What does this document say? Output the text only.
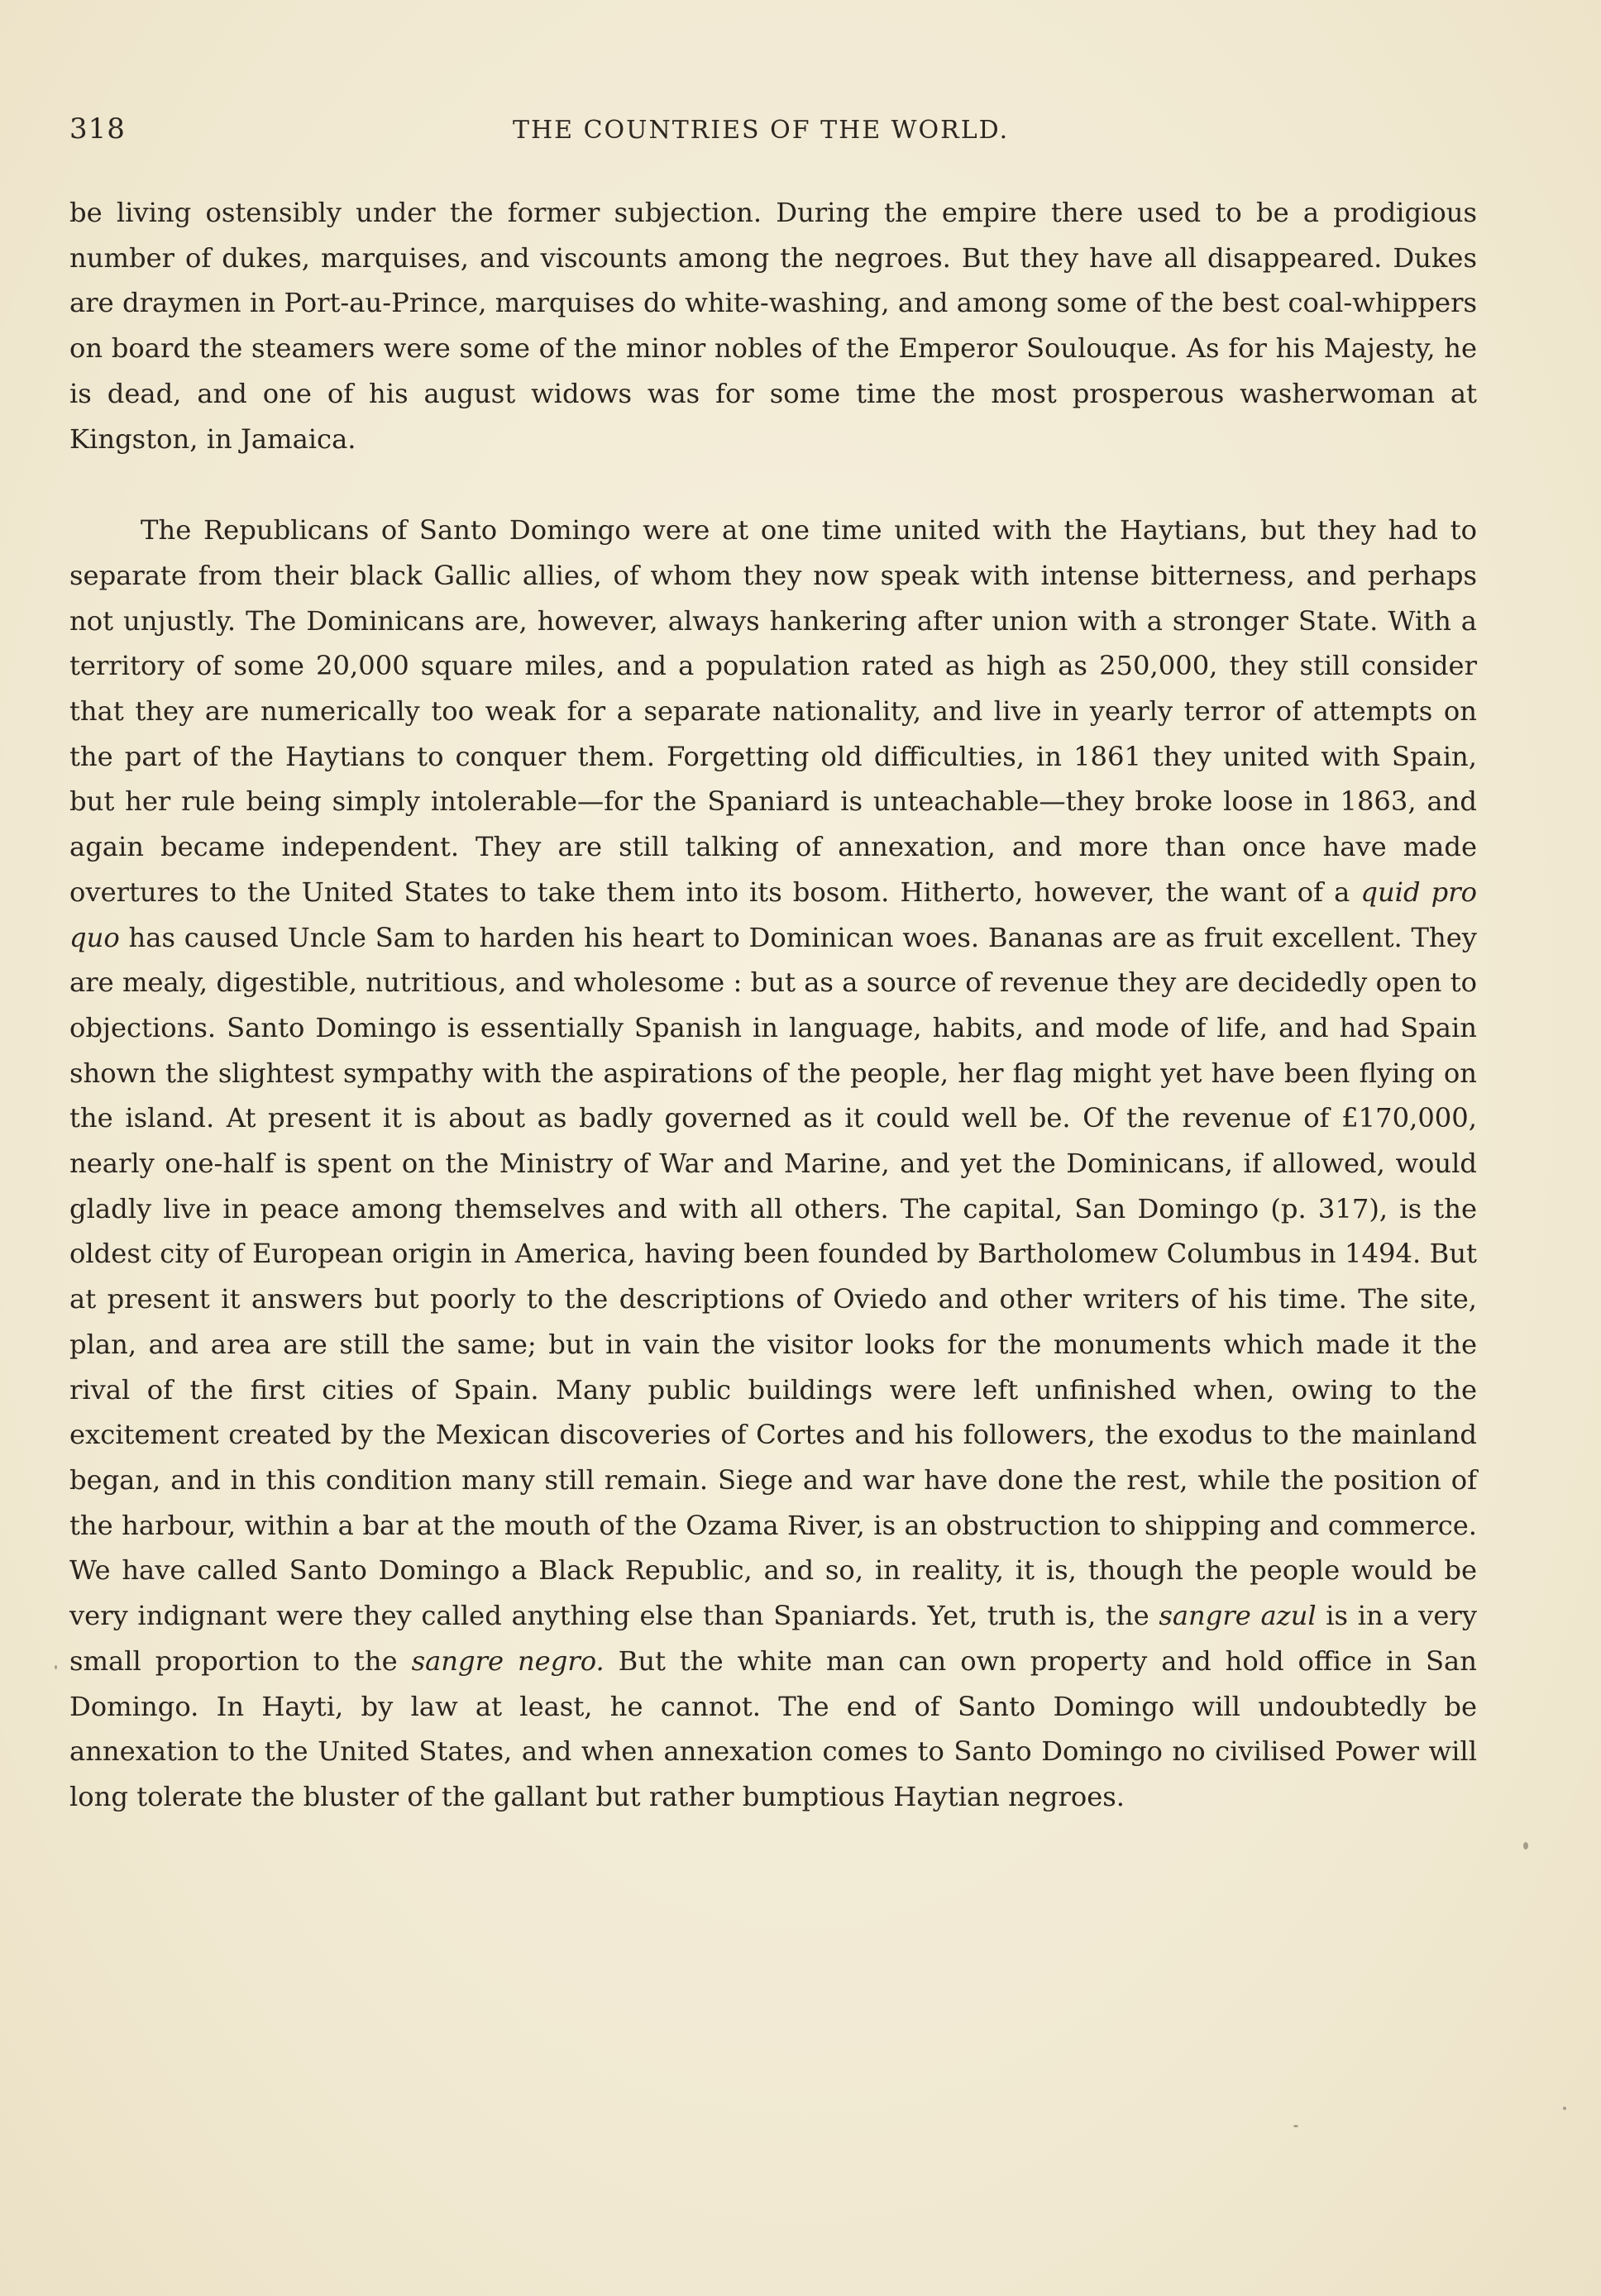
318	THE COUNTRIES OF THE WORLD.

be living ostensibly under the former subjection. During the empire there used to be a prodigious number of dukes, marquises, and viscounts among the negroes. But they have all disappeared. Dukes are draymen in Port-au-Prince, marquises do white-washing, and among some of the best coal-whippers on board the steamers were some of the minor nobles of the Emperor Soulouque. As for his Majesty, he is dead, and one of his august widows was for some time the most prosperous washerwoman at Kingston, in Jamaica.

The Republicans of Santo Domingo were at one time united with the Haytians, but they had to separate from their black Gallic allies, of whom they now speak with intense bitterness, and perhaps not unjustly. The Dominicans are, however, always hankering after union with a stronger State. With a territory of some 20,000 square miles, and a population rated as high as 250,000, they still consider that they are numerically too weak for a separate nationality, and live in yearly terror of attempts on the part of the Haytians to conquer them. Forgetting old difficulties, in 1861 they united with Spain, but her rule being simply intolerable—for the Spaniard is unteachable—they broke loose in 1863, and again became independent. They are still talking of annexation, and more than once have made overtures to the United States to take them into its bosom. Hitherto, however, the want of a quid pro quo has caused Uncle Sam to harden his heart to Dominican woes. Bananas are as fruit excellent. They are mealy, digestible, nutritious, and wholesome : but as a source of revenue they are decidedly open to objections. Santo Domingo is essentially Spanish in language, habits, and mode of life, and had Spain shown the slightest sympathy with the aspirations of the people, her flag might yet have been flying on the island. At present it is about as badly governed as it could well be. Of the revenue of £170,000, nearly one-half is spent on the Ministry of War and Marine, and yet the Dominicans, if allowed, would gladly live in peace among themselves and with all others. The capital, San Domingo (p. 317), is the oldest city of European origin in America, having been founded by Bartholomew Columbus in 1494. But at present it answers but poorly to the descriptions of Oviedo and other writers of his time. The site, plan, and area are still the same; but in vain the visitor looks for the monuments which made it the rival of the first cities of Spain. Many public buildings were left unfinished when, owing to the excitement created by the Mexican discoveries of Cortes and his followers, the exodus to the mainland began, and in this condition many still remain. Siege and war have done the rest, while the position of the harbour, within a bar at the mouth of the Ozama River, is an obstruction to shipping and commerce. We have called Santo Domingo a Black Republic, and so, in reality, it is, though the people would be very indignant were they called anything else than Spaniards. Yet, truth is, the sangre azul is in a very small proportion to the sangre negro. But the white man can own property and hold office in San Domingo. In Hayti, by law at least, he cannot. The end of Santo Domingo will undoubtedly be annexation to the United States, and when annexation comes to Santo Domingo no civilised Power will long tolerate the bluster of the gallant but rather bumptious Haytian negroes.
